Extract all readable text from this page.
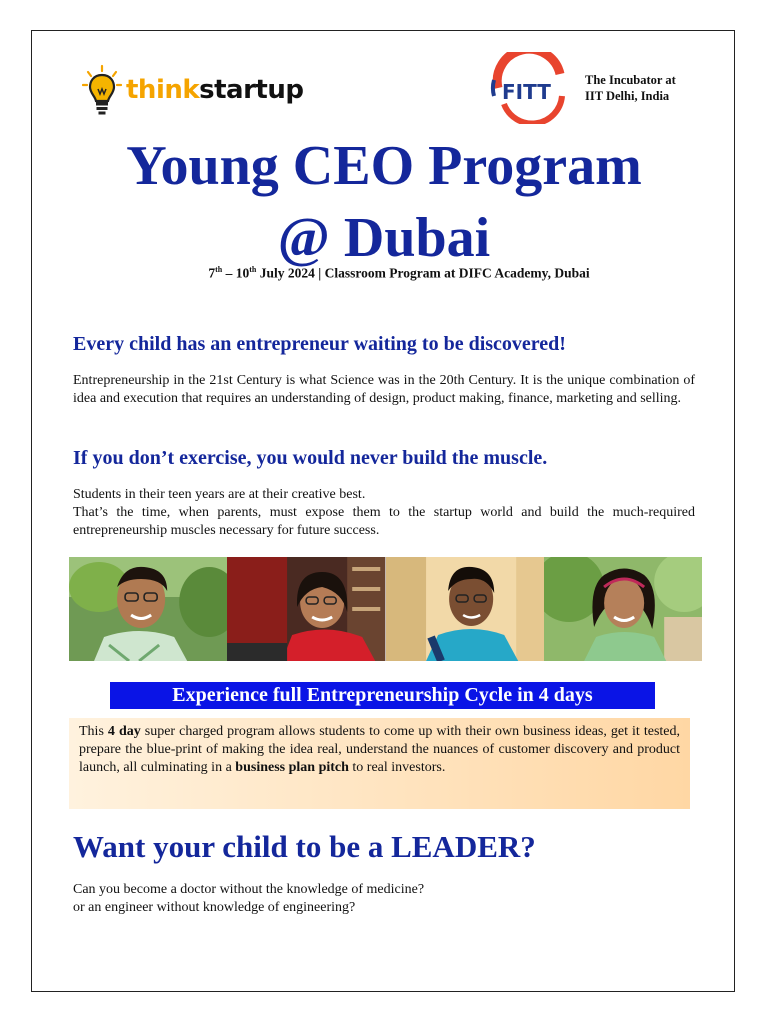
thinkstartup	FITT	The Incubator at
IIT Delhi, India
Young CEO Program
@ Dubai
7th – 10th July 2024 | Classroom Program at DIFC Academy, Dubai
Every child has an entrepreneur waiting to be discovered!
Entrepreneurship in the 21st Century is what Science was in the 20th Century. It is the unique combination of idea and execution that requires an understanding of design, product making, finance, marketing and selling.
If you don’t exercise, you would never build the muscle.
Students in their teen years are at their creative best.
That’s the time, when parents, must expose them to the startup world and build the much-required entrepreneurship muscles necessary for future success.
Experience full Entrepreneurship Cycle in 4 days
This 4 day super charged program allows students to come up with their own business ideas, get it tested, prepare the blue-print of making the idea real, understand the nuances of customer discovery and product launch, all culminating in a business plan pitch to real investors.
Want your child to be a LEADER?
Can you become a doctor without the knowledge of medicine?
or an engineer without knowledge of engineering?
